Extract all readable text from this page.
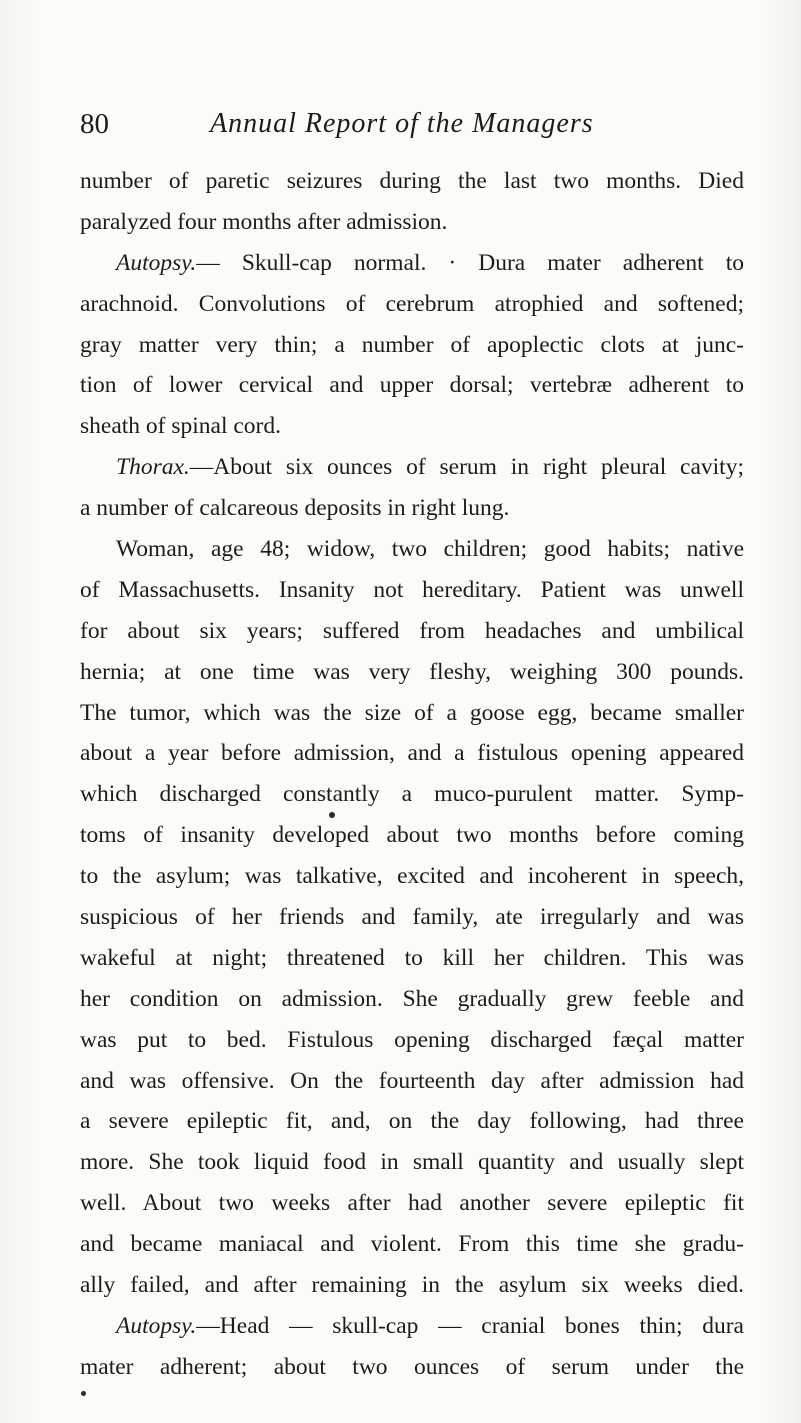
80	Annual Report of the Managers
number of paretic seizures during the last two months. Died
paralyzed four months after admission.
Autopsy.— Skull-cap normal. · Dura mater adherent to
arachnoid. Convolutions of cerebrum atrophied and softened;
gray matter very thin; a number of apoplectic clots at junc-
tion of lower cervical and upper dorsal; vertebræ adherent to
sheath of spinal cord.
Thorax.—About six ounces of serum in right pleural cavity;
a number of calcareous deposits in right lung.
Woman, age 48; widow, two children; good habits; native
of Massachusetts. Insanity not hereditary. Patient was unwell
for about six years; suffered from headaches and umbilical
hernia; at one time was very fleshy, weighing 300 pounds.
The tumor, which was the size of a goose egg, became smaller
about a year before admission, and a fistulous opening appeared
which discharged constantly a muco-purulent matter. Symp-
toms of insanity developed about two months before coming
to the asylum; was talkative, excited and incoherent in speech,
suspicious of her friends and family, ate irregularly and was
wakeful at night; threatened to kill her children. This was
her condition on admission. She gradually grew feeble and
was put to bed. Fistulous opening discharged fæçal matter
and was offensive. On the fourteenth day after admission had
a severe epileptic fit, and, on the day following, had three
more. She took liquid food in small quantity and usually slept
well. About two weeks after had another severe epileptic fit
and became maniacal and violent. From this time she gradu-
ally failed, and after remaining in the asylum six weeks died.
Autopsy.—Head — skull-cap — cranial bones thin; dura
mater adherent; about two ounces of serum under the
